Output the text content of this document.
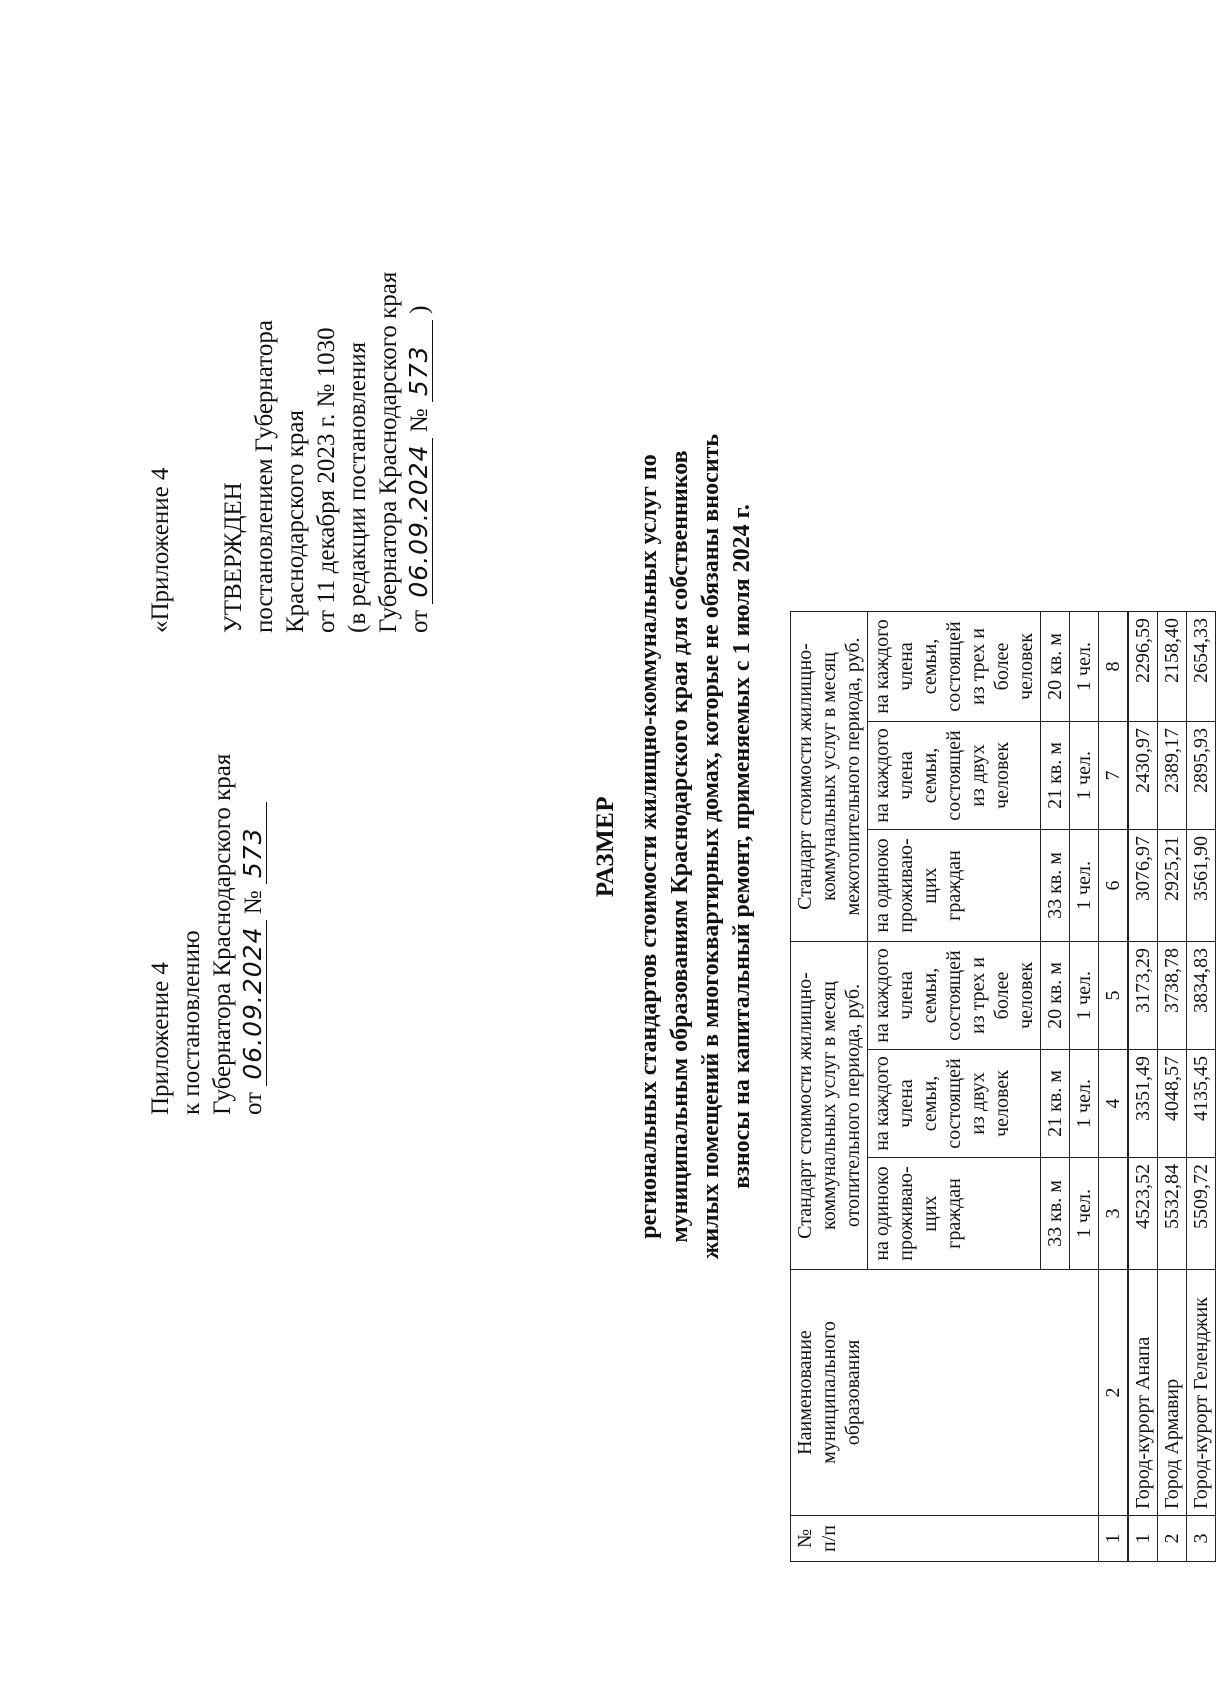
Приложение 4 к постановлению Губернатора Краснодарского края от 06.09.2024 № 573
«Приложение 4 УТВЕРЖДЕН постановлением Губернатора Краснодарского края от 11 декабря 2023 г. № 1030 (в редакции постановления Губернатора Краснодарского края от 06.09.2024 № 573 )
РАЗМЕР региональных стандартов стоимости жилищно-коммунальных услуг по муниципальным образованиям Краснодарского края для собственников жилых помещений в многоквартирных домах, которые не обязаны вносить взносы на капитальный ремонт, применяемых с 1 июля 2024 г.
№ п/п	Наименование муниципального образования	Стандарт стоимости жилищно-коммунальных услуг в месяц отопительного периода, руб.			Стандарт стоимости жилищно-коммунальных услуг в месяц межотопительного периода, руб.		
		на одиноко проживаю-щих граждан	на каждого члена семьи, состоящей из двух человек	на каждого члена семьи, состоящей из трех и более человек	на одиноко проживаю-щих граждан	на каждого члена семьи, состоящей из двух человек	на каждого члена семьи, состоящей из трех и более человек
		33 кв. м	21 кв. м	20 кв. м	33 кв. м	21 кв. м	20 кв. м
		1 чел.	1 чел.	1 чел.	1 чел.	1 чел.	1 чел.
1	2	3	4	5	6	7	8
1	Город-курорт Анапа	4523,52	3351,49	3173,29	3076,97	2430,97	2296,59
2	Город Армавир	5532,84	4048,57	3738,78	2925,21	2389,17	2158,40
3	Город-курорт Геленджик	5509,72	4135,45	3834,83	3561,90	2895,93	2654,33
